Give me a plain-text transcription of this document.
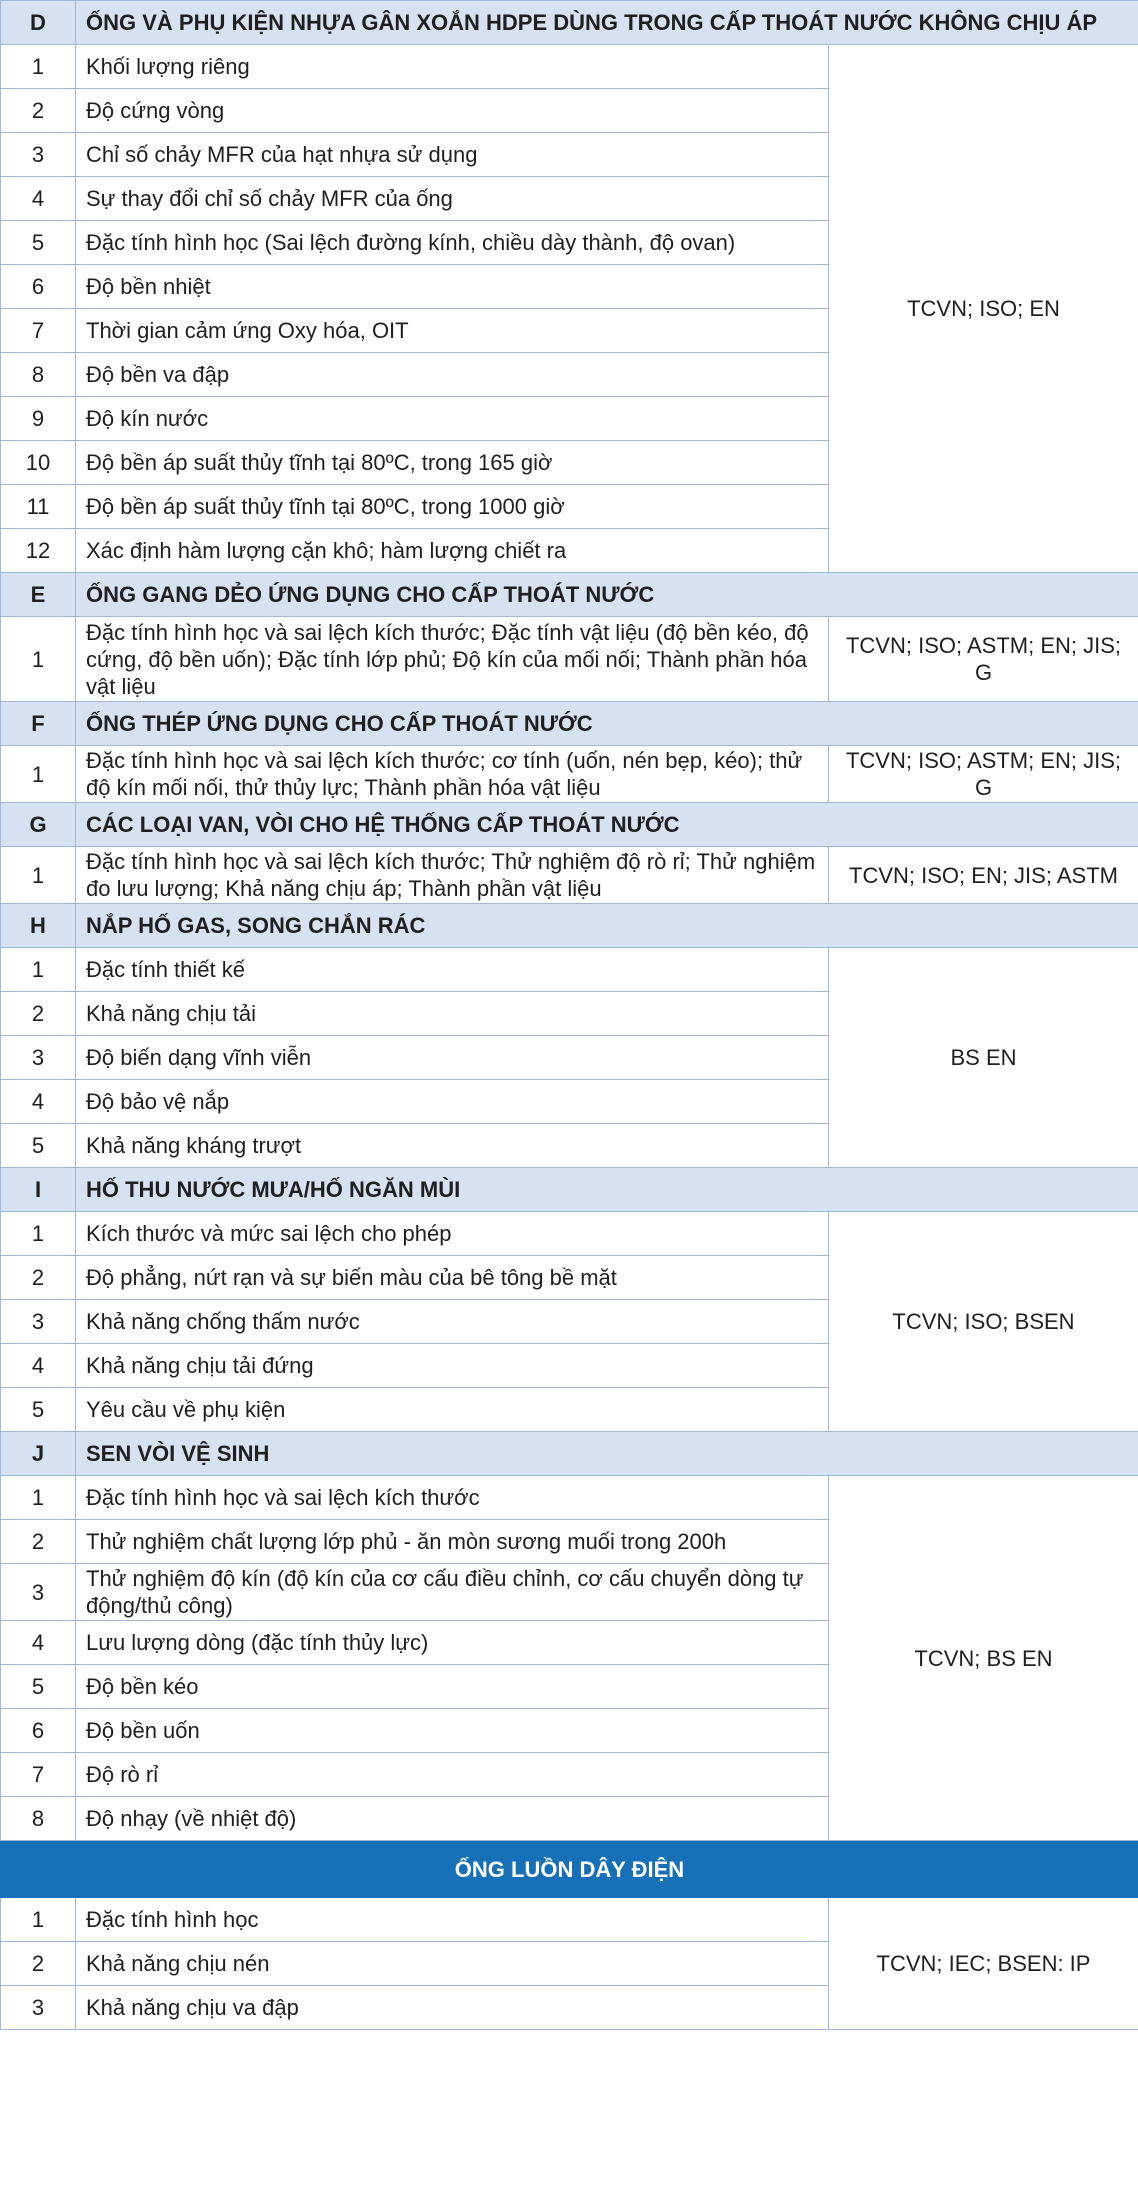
D	ỐNG VÀ PHỤ KIỆN NHỰA GÂN XOẮN HDPE DÙNG TRONG CẤP THOÁT NƯỚC KHÔNG CHỊU ÁP	
1	Khối lượng riêng	TCVN; ISO; EN
2	Độ cứng vòng	
3	Chỉ số chảy MFR của hạt nhựa sử dụng	
4	Sự thay đổi chỉ số chảy MFR của ống	
5	Đặc tính hình học (Sai lệch đường kính, chiều dày thành, độ ovan)	
6	Độ bền nhiệt	
7	Thời gian cảm ứng Oxy hóa, OIT	
8	Độ bền va đập	
9	Độ kín nước	
10	Độ bền áp suất thủy tĩnh tại 80ºC, trong 165 giờ	
11	Độ bền áp suất thủy tĩnh tại 80ºC, trong 1000 giờ	
12	Xác định hàm lượng cặn khô; hàm lượng chiết ra	
E	ỐNG GANG DẺO ỨNG DỤNG CHO CẤP THOÁT NƯỚC	
1	Đặc tính hình học và sai lệch kích thước; Đặc tính vật liệu (độ bền kéo, độ cứng, độ bền uốn); Đặc tính lớp phủ; Độ kín của mối nối; Thành phần hóa vật liệu	TCVN; ISO; ASTM; EN; JIS; G
F	ỐNG THÉP ỨNG DỤNG CHO CẤP THOÁT NƯỚC	
1	Đặc tính hình học và sai lệch kích thước; cơ tính (uốn, nén bẹp, kéo); thử độ kín mối nối, thử thủy lực; Thành phần hóa vật liệu	TCVN; ISO; ASTM; EN; JIS; G
G	CÁC LOẠI VAN, VÒI CHO HỆ THỐNG CẤP THOÁT NƯỚC	
1	Đặc tính hình học và sai lệch kích thước; Thử nghiệm độ rò rỉ; Thử nghiệm đo lưu lượng; Khả năng chịu áp; Thành phần vật liệu	TCVN; ISO; EN; JIS; ASTM
H	NẮP HỐ GAS, SONG CHẮN RÁC	
1	Đặc tính thiết kế	BS EN
2	Khả năng chịu tải	
3	Độ biến dạng vĩnh viễn	
4	Độ bảo vệ nắp	
5	Khả năng kháng trượt	
I	HỐ THU NƯỚC MƯA/HỐ NGĂN MÙI	
1	Kích thước và mức sai lệch cho phép	TCVN; ISO; BSEN
2	Độ phẳng, nứt rạn và sự biến màu của bê tông bề mặt	
3	Khả năng chống thấm nước	
4	Khả năng chịu tải đứng	
5	Yêu cầu về phụ kiện	
J	SEN VÒI VỆ SINH	
1	Đặc tính hình học và sai lệch kích thước	TCVN; BS EN
2	Thử nghiệm chất lượng lớp phủ - ăn mòn sương muối trong 200h	
3	Thử nghiệm độ kín (độ kín của cơ cấu điều chỉnh, cơ cấu chuyển dòng tự động/thủ công)	
4	Lưu lượng dòng (đặc tính thủy lực)	
5	Độ bền kéo	
6	Độ bền uốn	
7	Độ rò rỉ	
8	Độ nhạy (về nhiệt độ)	
ỐNG LUỒN DÂY ĐIỆN		
1	Đặc tính hình học	TCVN; IEC; BSEN: IP
2	Khả năng chịu nén	
3	Khả năng chịu va đập	
